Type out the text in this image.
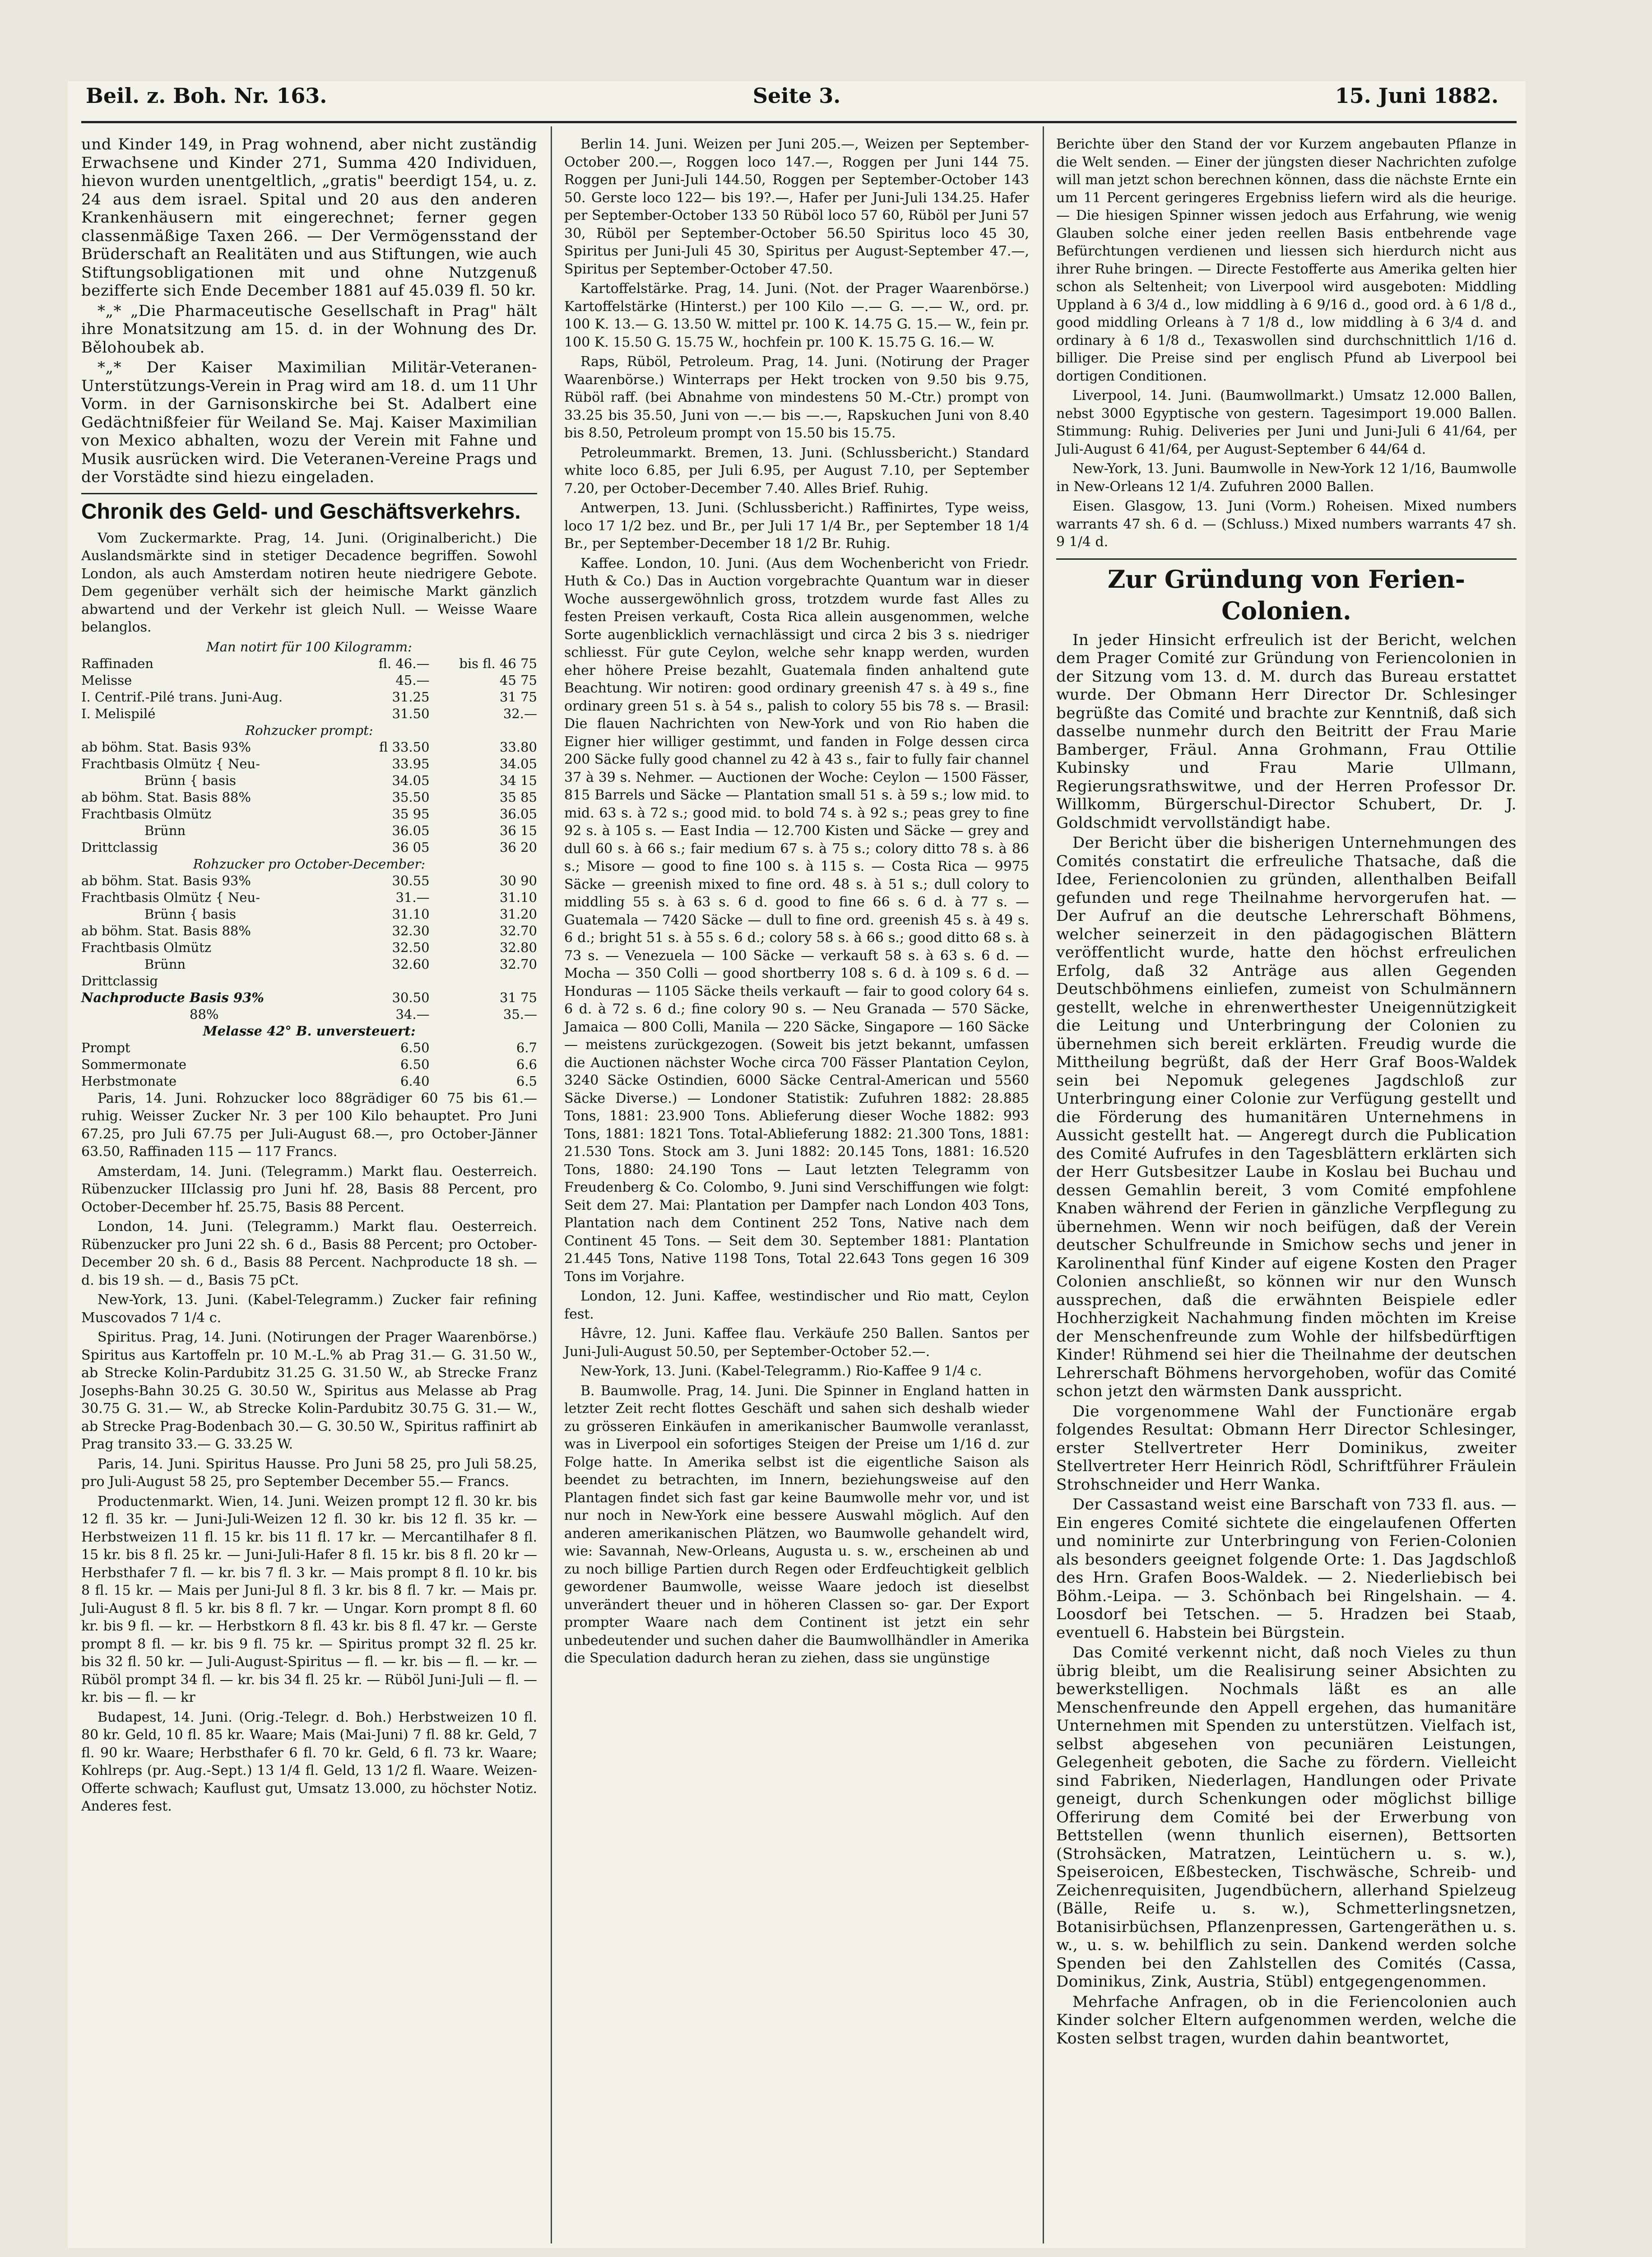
Beil. z. Boh. Nr. 163.	Seite 3.	15. Juni 1882.

und Kinder 149, in Prag wohnend, aber nicht zuständig Erwachsene und Kinder 271, Summa 420 Individuen, hievon wurden unentgeltlich, „gratis" beerdigt 154, u. z. 24 aus dem israel. Spital und 20 aus den anderen Krankenhäusern mit eingerechnet; ferner gegen classenmäßige Taxen 266. — Der Vermögensstand der Brüderschaft an Realitäten und aus Stiftungen, wie auch Stiftungsobligationen mit und ohne Nutzgenuß bezifferte sich Ende December 1881 auf 45.039 fl. 50 kr.

*„* „Die Pharmaceutische Gesellschaft in Prag" hält ihre Monatsitzung am 15. d. in der Wohnung des Dr. Bělohoubek ab.

*„* Der Kaiser Maximilian Militär-Veteranen-Unterstützungs-Verein in Prag wird am 18. d. um 11 Uhr Vorm. in der Garnisonskirche bei St. Adalbert eine Gedächtnißfeier für Weiland Se. Maj. Kaiser Maximilian von Mexico abhalten, wozu der Verein mit Fahne und Musik ausrücken wird. Die Veteranen-Vereine Prags und der Vorstädte sind hiezu eingeladen.

Chronik des Geld- und Geschäftsverkehrs.

Vom Zuckermarkte. Prag, 14. Juni. (Originalbericht.) Die Auslandsmärkte sind in stetiger Decadence begriffen. Sowohl London, als auch Amsterdam notiren heute niedrigere Gebote. Dem gegenüber verhält sich der heimische Markt gänzlich abwartend und der Verkehr ist gleich Null. — Weisse Waare belanglos.

Man notirt für 100 Kilogramm:
Raffinaden	fl. 46.—	bis fl. 46 75
Melisse	45.—	45 75
I. Centrif.-Pilé trans. Juni-Aug.	31.25	31 75
I. Melispilé	31.50	32.—
Rohzucker prompt:		
ab böhm. Stat. Basis 93%	fl 33.50	33.80
Frachtbasis Olmütz { Neu-	33.95	34.05
Brünn { basis	34.05	34 15
ab böhm. Stat. Basis 88%	35.50	35 85
Frachtbasis Olmütz	35 95	36.05
Brünn	36.05	36 15
Drittclassig	36 05	36 20
Rohzucker pro October-December:		
ab böhm. Stat. Basis 93%	30.55	30 90
Frachtbasis Olmütz { Neu-	31.—	31.10
Brünn { basis	31.10	31.20
ab böhm. Stat. Basis 88%	32.30	32.70
Frachtbasis Olmütz	32.50	32.80
Brünn	32.60	32.70
Drittclassig		
Nachproducte Basis 93%	30.50	31 75
88%	34.—	35.—
Melasse 42° B. unversteuert:		
Prompt	6.50	6.7
Sommermonate	6.50	6.6
Herbstmonate	6.40	6.5

Paris, 14. Juni. Rohzucker loco 88grädiger 60 75 bis 61.— ruhig. Weisser Zucker Nr. 3 per 100 Kilo behauptet. Pro Juni 67.25, pro Juli 67.75 per Juli-August 68.—, pro October-Jänner 63.50, Raffinaden 115 — 117 Francs.

Amsterdam, 14. Juni. (Telegramm.) Markt flau. Oesterreich. Rübenzucker IIIclassig pro Juni hf. 28, Basis 88 Percent, pro October-December hf. 25.75, Basis 88 Percent.

London, 14. Juni. (Telegramm.) Markt flau. Oesterreich. Rübenzucker pro Juni 22 sh. 6 d., Basis 88 Percent; pro October-December 20 sh. 6 d., Basis 88 Percent. Nachproducte 18 sh. — d. bis 19 sh. — d., Basis 75 pCt.

New-York, 13. Juni. (Kabel-Telegramm.) Zucker fair refining Muscovados 7 1/4 c.

Spiritus. Prag, 14. Juni. (Notirungen der Prager Waarenbörse.) Spiritus aus Kartoffeln pr. 10 M.-L.% ab Prag 31.— G. 31.50 W., ab Strecke Kolin-Pardubitz 31.25 G. 31.50 W., ab Strecke Franz Josephs-Bahn 30.25 G. 30.50 W., Spiritus aus Melasse ab Prag 30.75 G. 31.— W., ab Strecke Kolin-Pardubitz 30.75 G. 31.— W., ab Strecke Prag-Bodenbach 30.— G. 30.50 W., Spiritus raffinirt ab Prag transito 33.— G. 33.25 W.

Paris, 14. Juni. Spiritus Hausse. Pro Juni 58 25, pro Juli 58.25, pro Juli-August 58 25, pro September December 55.— Francs.

Productenmarkt. Wien, 14. Juni. Weizen prompt 12 fl. 30 kr. bis 12 fl. 35 kr. — Juni-Juli-Weizen 12 fl. 30 kr. bis 12 fl. 35 kr. — Herbstweizen 11 fl. 15 kr. bis 11 fl. 17 kr. — Mercantilhafer 8 fl. 15 kr. bis 8 fl. 25 kr. — Juni-Juli-Hafer 8 fl. 15 kr. bis 8 fl. 20 kr — Herbsthafer 7 fl. — kr. bis 7 fl. 3 kr. — Mais prompt 8 fl. 10 kr. bis 8 fl. 15 kr. — Mais per Juni-Jul 8 fl. 3 kr. bis 8 fl. 7 kr. — Mais pr. Juli-August 8 fl. 5 kr. bis 8 fl. 7 kr. — Ungar. Korn prompt 8 fl. 60 kr. bis 9 fl. — kr. — Herbstkorn 8 fl. 43 kr. bis 8 fl. 47 kr. — Gerste prompt 8 fl. — kr. bis 9 fl. 75 kr. — Spiritus prompt 32 fl. 25 kr. bis 32 fl. 50 kr. — Juli-August-Spiritus — fl. — kr. bis — fl. — kr. — Rüböl prompt 34 fl. — kr. bis 34 fl. 25 kr. — Rüböl Juni-Juli — fl. — kr. bis — fl. — kr

Budapest, 14. Juni. (Orig.-Telegr. d. Boh.) Herbstweizen 10 fl. 80 kr. Geld, 10 fl. 85 kr. Waare; Mais (Mai-Juni) 7 fl. 88 kr. Geld, 7 fl. 90 kr. Waare; Herbsthafer 6 fl. 70 kr. Geld, 6 fl. 73 kr. Waare; Kohlreps (pr. Aug.-Sept.) 13 1/4 fl. Geld, 13 1/2 fl. Waare. Weizen-Offerte schwach; Kauflust gut, Umsatz 13.000, zu höchster Notiz. Anderes fest.

Berlin 14. Juni. Weizen per Juni 205.—, Weizen per September-October 200.—, Roggen loco 147.—, Roggen per Juni 144 75. Roggen per Juni-Juli 144.50, Roggen per September-October 143 50. Gerste loco 122— bis 19?.—, Hafer per Juni-Juli 134.25. Hafer per September-October 133 50 Rüböl loco 57 60, Rüböl per Juni 57 30, Rüböl per September-October 56.50 Spiritus loco 45 30, Spiritus per Juni-Juli 45 30, Spiritus per August-September 47.—, Spiritus per September-October 47.50.

Kartoffelstärke. Prag, 14. Juni. (Not. der Prager Waarenbörse.) Kartoffelstärke (Hinterst.) per 100 Kilo —.— G. —.— W., ord. pr. 100 K. 13.— G. 13.50 W. mittel pr. 100 K. 14.75 G. 15.— W., fein pr. 100 K. 15.50 G. 15.75 W., hochfein pr. 100 K. 15.75 G. 16.— W.

Raps, Rüböl, Petroleum. Prag, 14. Juni. (Notirung der Prager Waarenbörse.) Winterraps per Hekt trocken von 9.50 bis 9.75, Rüböl raff. (bei Abnahme von mindestens 50 M.-Ctr.) prompt von 33.25 bis 35.50, Juni von —.— bis —.—, Rapskuchen Juni von 8.40 bis 8.50, Petroleum prompt von 15.50 bis 15.75.

Petroleummarkt. Bremen, 13. Juni. (Schlussbericht.) Standard white loco 6.85, per Juli 6.95, per August 7.10, per September 7.20, per October-December 7.40. Alles Brief. Ruhig.

Antwerpen, 13. Juni. (Schlussbericht.) Raffinirtes, Type weiss, loco 17 1/2 bez. und Br., per Juli 17 1/4 Br., per September 18 1/4 Br., per September-December 18 1/2 Br. Ruhig.

Kaffee. London, 10. Juni. (Aus dem Wochenbericht von Friedr. Huth & Co.) Das in Auction vorgebrachte Quantum war in dieser Woche aussergewöhnlich gross, trotzdem wurde fast Alles zu festen Preisen verkauft, Costa Rica allein ausgenommen, welche Sorte augenblicklich vernachlässigt und circa 2 bis 3 s. niedriger schliesst. Für gute Ceylon, welche sehr knapp werden, wurden eher höhere Preise bezahlt, Guatemala finden anhaltend gute Beachtung. Wir notiren: good ordinary greenish 47 s. à 49 s., fine ordinary green 51 s. à 54 s., palish to colory 55 bis 78 s. — Brasil: Die flauen Nachrichten von New-York und von Rio haben die Eigner hier williger gestimmt, und fanden in Folge dessen circa 200 Säcke fully good channel zu 42 à 43 s., fair to fully fair channel 37 à 39 s. Nehmer. — Auctionen der Woche: Ceylon — 1500 Fässer, 815 Barrels und Säcke — Plantation small 51 s. à 59 s.; low mid. to mid. 63 s. à 72 s.; good mid. to bold 74 s. à 92 s.; peas grey to fine 92 s. à 105 s. — East India — 12.700 Kisten und Säcke — grey and dull 60 s. à 66 s.; fair medium 67 s. à 75 s.; colory ditto 78 s. à 86 s.; Misore — good to fine 100 s. à 115 s. — Costa Rica — 9975 Säcke — greenish mixed to fine ord. 48 s. à 51 s.; dull colory to middling 55 s. à 63 s. 6 d. good to fine 66 s. 6 d. à 77 s. — Guatemala — 7420 Säcke — dull to fine ord. greenish 45 s. à 49 s. 6 d.; bright 51 s. à 55 s. 6 d.; colory 58 s. à 66 s.; good ditto 68 s. à 73 s. — Venezuela — 100 Säcke — verkauft 58 s. à 63 s. 6 d. — Mocha — 350 Colli — good shortberry 108 s. 6 d. à 109 s. 6 d. — Honduras — 1105 Säcke theils verkauft — fair to good colory 64 s. 6 d. à 72 s. 6 d.; fine colory 90 s. — Neu Granada — 570 Säcke, Jamaica — 800 Colli, Manila — 220 Säcke, Singapore — 160 Säcke — meistens zurückgezogen. (Soweit bis jetzt bekannt, umfassen die Auctionen nächster Woche circa 700 Fässer Plantation Ceylon, 3240 Säcke Ostindien, 6000 Säcke Central-American und 5560 Säcke Diverse.) — Londoner Statistik: Zufuhren 1882: 28.885 Tons, 1881: 23.900 Tons. Ablieferung dieser Woche 1882: 993 Tons, 1881: 1821 Tons. Total-Ablieferung 1882: 21.300 Tons, 1881: 21.530 Tons. Stock am 3. Juni 1882: 20.145 Tons, 1881: 16.520 Tons, 1880: 24.190 Tons — Laut letzten Telegramm von Freudenberg & Co. Colombo, 9. Juni sind Verschiffungen wie folgt: Seit dem 27. Mai: Plantation per Dampfer nach London 403 Tons, Plantation nach dem Continent 252 Tons, Native nach dem Continent 45 Tons. — Seit dem 30. September 1881: Plantation 21.445 Tons, Native 1198 Tons, Total 22.643 Tons gegen 16 309 Tons im Vorjahre.

London, 12. Juni. Kaffee, westindischer und Rio matt, Ceylon fest.

Hâvre, 12. Juni. Kaffee flau. Verkäufe 250 Ballen. Santos per Juni-Juli-August 50.50, per September-October 52.—.

New-York, 13. Juni. (Kabel-Telegramm.) Rio-Kaffee 9 1/4 c.

B. Baumwolle. Prag, 14. Juni. Die Spinner in England hatten in letzter Zeit recht flottes Geschäft und sahen sich deshalb wieder zu grösseren Einkäufen in amerikanischer Baumwolle veranlasst, was in Liverpool ein sofortiges Steigen der Preise um 1/16 d. zur Folge hatte. In Amerika selbst ist die eigentliche Saison als beendet zu betrachten, im Innern, beziehungsweise auf den Plantagen findet sich fast gar keine Baumwolle mehr vor, und ist nur noch in New-York eine bessere Auswahl möglich. Auf den anderen amerikanischen Plätzen, wo Baumwolle gehandelt wird, wie: Savannah, New-Orleans, Augusta u. s. w., erscheinen ab und zu noch billige Partien durch Regen oder Erdfeuchtigkeit gelblich gewordener Baumwolle, weisse Waare jedoch ist dieselbst unverändert theuer und in höheren Classen so- gar. Der Export prompter Waare nach dem Continent ist jetzt ein sehr unbedeutender und suchen daher die Baumwollhändler in Amerika die Speculation dadurch heran zu ziehen, dass sie ungünstige

Berichte über den Stand der vor Kurzem angebauten Pflanze in die Welt senden. — Einer der jüngsten dieser Nachrichten zufolge will man jetzt schon berechnen können, dass die nächste Ernte ein um 11 Percent geringeres Ergebniss liefern wird als die heurige. — Die hiesigen Spinner wissen jedoch aus Erfahrung, wie wenig Glauben solche einer jeden reellen Basis entbehrende vage Befürchtungen verdienen und liessen sich hierdurch nicht aus ihrer Ruhe bringen. — Directe Festofferte aus Amerika gelten hier schon als Seltenheit; von Liverpool wird ausgeboten: Middling Uppland à 6 3/4 d., low middling à 6 9/16 d., good ord. à 6 1/8 d., good middling Orleans à 7 1/8 d., low middling à 6 3/4 d. and ordinary à 6 1/8 d., Texaswollen sind durchschnittlich 1/16 d. billiger. Die Preise sind per englisch Pfund ab Liverpool bei dortigen Conditionen.

Liverpool, 14. Juni. (Baumwollmarkt.) Umsatz 12.000 Ballen, nebst 3000 Egyptische von gestern. Tagesimport 19.000 Ballen. Stimmung: Ruhig. Deliveries per Juni und Juni-Juli 6 41/64, per Juli-August 6 41/64, per August-September 6 44/64 d.

New-York, 13. Juni. Baumwolle in New-York 12 1/16, Baumwolle in New-Orleans 12 1/4. Zufuhren 2000 Ballen.

Eisen. Glasgow, 13. Juni (Vorm.) Roheisen. Mixed numbers warrants 47 sh. 6 d. — (Schluss.) Mixed numbers warrants 47 sh. 9 1/4 d.

Zur Gründung von Ferien-Colonien.

In jeder Hinsicht erfreulich ist der Bericht, welchen dem Prager Comité zur Gründung von Feriencolonien in der Sitzung vom 13. d. M. durch das Bureau erstattet wurde. Der Obmann Herr Director Dr. Schlesinger begrüßte das Comité und brachte zur Kenntniß, daß sich dasselbe nunmehr durch den Beitritt der Frau Marie Bamberger, Fräul. Anna Grohmann, Frau Ottilie Kubinsky und Frau Marie Ullmann, Regierungsrathswitwe, und der Herren Professor Dr. Willkomm, Bürgerschul-Director Schubert, Dr. J. Goldschmidt vervollständigt habe.

Der Bericht über die bisherigen Unternehmungen des Comités constatirt die erfreuliche Thatsache, daß die Idee, Feriencolonien zu gründen, allenthalben Beifall gefunden und rege Theilnahme hervorgerufen hat. — Der Aufruf an die deutsche Lehrerschaft Böhmens, welcher seinerzeit in den pädagogischen Blättern veröffentlicht wurde, hatte den höchst erfreulichen Erfolg, daß 32 Anträge aus allen Gegenden Deutschböhmens einliefen, zumeist von Schulmännern gestellt, welche in ehrenwerthester Uneigennützigkeit die Leitung und Unterbringung der Colonien zu übernehmen sich bereit erklärten. Freudig wurde die Mittheilung begrüßt, daß der Herr Graf Boos-Waldek sein bei Nepomuk gelegenes Jagdschloß zur Unterbringung einer Colonie zur Verfügung gestellt und die Förderung des humanitären Unternehmens in Aussicht gestellt hat. — Angeregt durch die Publication des Comité Aufrufes in den Tagesblättern erklärten sich der Herr Gutsbesitzer Laube in Koslau bei Buchau und dessen Gemahlin bereit, 3 vom Comité empfohlene Knaben während der Ferien in gänzliche Verpflegung zu übernehmen. Wenn wir noch beifügen, daß der Verein deutscher Schulfreunde in Smichow sechs und jener in Karolinenthal fünf Kinder auf eigene Kosten den Prager Colonien anschließt, so können wir nur den Wunsch aussprechen, daß die erwähnten Beispiele edler Hochherzigkeit Nachahmung finden möchten im Kreise der Menschenfreunde zum Wohle der hilfsbedürftigen Kinder! Rühmend sei hier die Theilnahme der deutschen Lehrerschaft Böhmens hervorgehoben, wofür das Comité schon jetzt den wärmsten Dank ausspricht.

Die vorgenommene Wahl der Functionäre ergab folgendes Resultat: Obmann Herr Director Schlesinger, erster Stellvertreter Herr Dominikus, zweiter Stellvertreter Herr Heinrich Rödl, Schriftführer Fräulein Strohschneider und Herr Wanka.

Der Cassastand weist eine Barschaft von 733 fl. aus. — Ein engeres Comité sichtete die eingelaufenen Offerten und nominirte zur Unterbringung von Ferien-Colonien als besonders geeignet folgende Orte: 1. Das Jagdschloß des Hrn. Grafen Boos-Waldek. — 2. Niederliebisch bei Böhm.-Leipa. — 3. Schönbach bei Ringelshain. — 4. Loosdorf bei Tetschen. — 5. Hradzen bei Staab, eventuell 6. Habstein bei Bürgstein.

Das Comité verkennt nicht, daß noch Vieles zu thun übrig bleibt, um die Realisirung seiner Absichten zu bewerkstelligen. Nochmals läßt es an alle Menschenfreunde den Appell ergehen, das humanitäre Unternehmen mit Spenden zu unterstützen. Vielfach ist, selbst abgesehen von pecuniären Leistungen, Gelegenheit geboten, die Sache zu fördern. Vielleicht sind Fabriken, Niederlagen, Handlungen oder Private geneigt, durch Schenkungen oder möglichst billige Offerirung dem Comité bei der Erwerbung von Bettstellen (wenn thunlich eisernen), Bettsorten (Strohsäcken, Matratzen, Leintüchern u. s. w.), Speiseroicen, Eßbestecken, Tischwäsche, Schreib- und Zeichenrequisiten, Jugendbüchern, allerhand Spielzeug (Bälle, Reife u. s. w.), Schmetterlingsnetzen, Botanisirbüchsen, Pflanzenpressen, Gartengeräthen u. s. w., u. s. w. behilflich zu sein. Dankend werden solche Spenden bei den Zahlstellen des Comités (Cassa, Dominikus, Zink, Austria, Stübl) entgegengenommen.

Mehrfache Anfragen, ob in die Feriencolonien auch Kinder solcher Eltern aufgenommen werden, welche die Kosten selbst tragen, wurden dahin beantwortet,
